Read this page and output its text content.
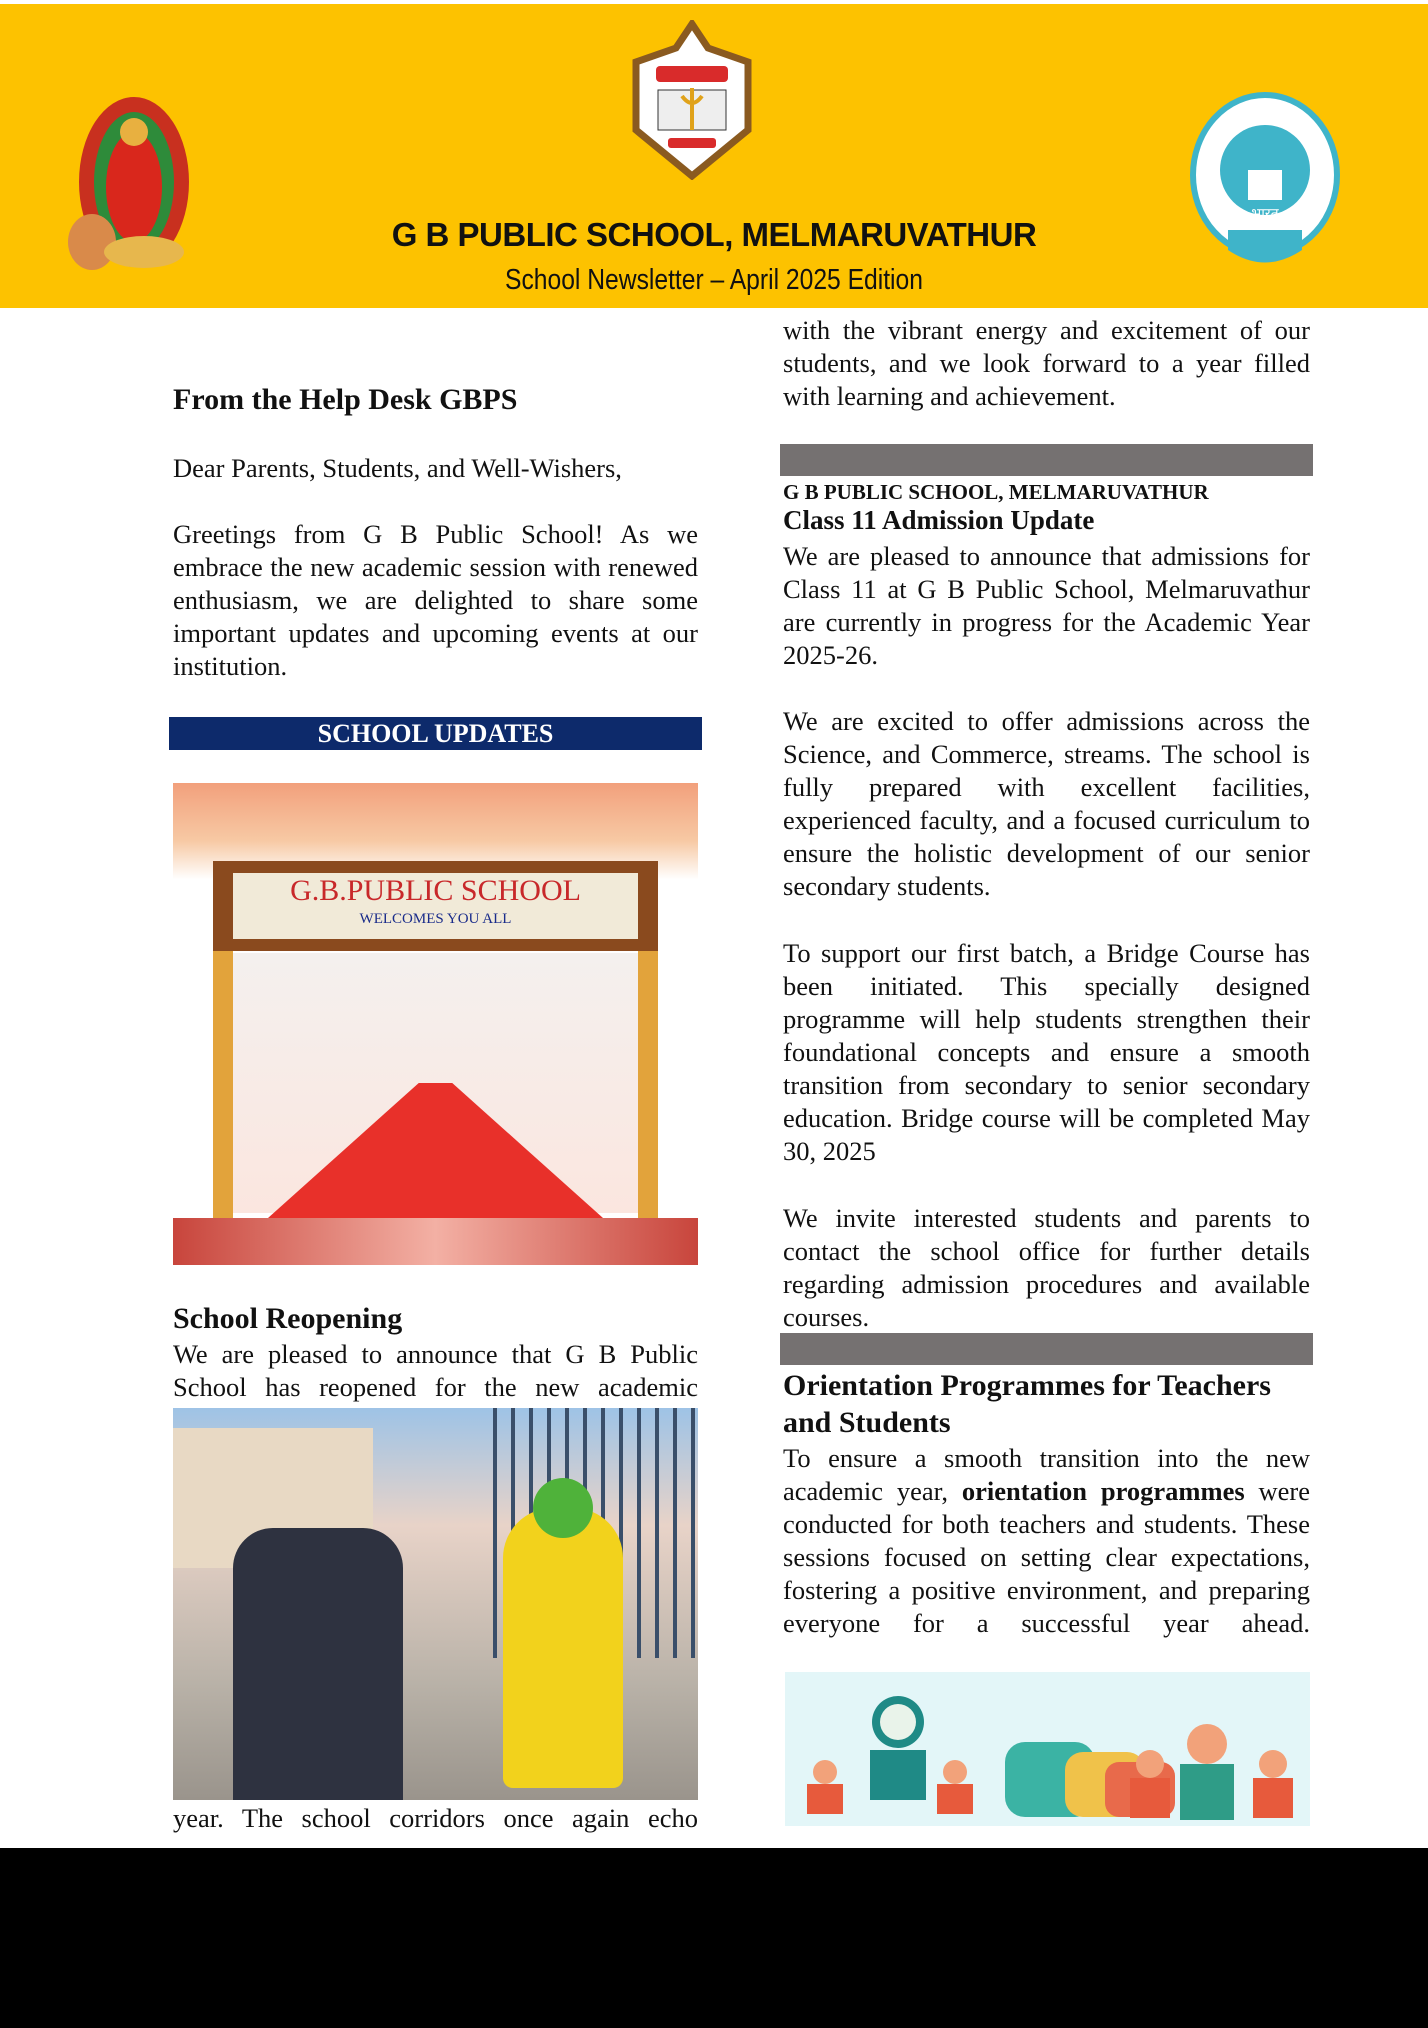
भारत
G B PUBLIC SCHOOL, MELMARUVATHUR
School Newsletter – April 2025 Edition
From the Help Desk GBPS
Dear Parents, Students, and Well-Wishers,
Greetings from G B Public School! As we embrace the new academic session with renewed enthusiasm, we are delighted to share some important updates and upcoming events at our institution.
SCHOOL UPDATES
G.B.PUBLIC SCHOOL
WELCOMES YOU ALL
School Reopening
We are pleased to announce that G B Public School has reopened for the new academic
year. The school corridors once again echo
with the vibrant energy and excitement of our students, and we look forward to a year filled with learning and achievement.
G B PUBLIC SCHOOL, MELMARUVATHUR
Class 11 Admission Update
We are pleased to announce that admissions for Class 11 at G B Public School, Melmaruvathur are currently in progress for the Academic Year 2025-26.
We are excited to offer admissions across the Science, and Commerce, streams. The school is fully prepared with excellent facilities, experienced faculty, and a focused curriculum to ensure the holistic development of our senior secondary students.
To support our first batch, a Bridge Course has been initiated. This specially designed programme will help students strengthen their foundational concepts and ensure a smooth transition from secondary to senior secondary education. Bridge course will be completed May 30, 2025
We invite interested students and parents to contact the school office for further details regarding admission procedures and available courses.
Orientation Programmes for Teachers and Students
To ensure a smooth transition into the new academic year, orientation programmes were conducted for both teachers and students. These sessions focused on setting clear expectations, fostering a positive environment, and preparing everyone for a successful year ahead.
